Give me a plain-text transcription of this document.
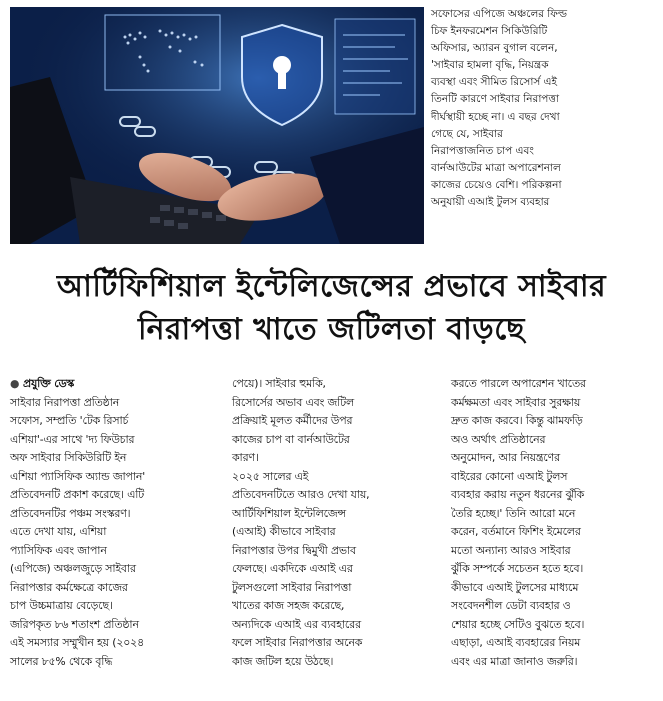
সফোসের এপিজে অঞ্চলের ফিল্ড
চিফ ইনফরমেশন সিকিউরিটি
অফিসার, অ্যারন বুগাল বলেন,
'সাইবার হামলা বৃদ্ধি, নিয়ন্ত্রক
ব্যবস্থা এবং সীমিত রিসোর্স এই
তিনটি কারণে সাইবার নিরাপত্তা
দীর্ঘস্থায়ী হচ্ছে না। এ বছর দেখা
গেছে যে, সাইবার
নিরাপত্তাজনিত চাপ এবং
বার্নআউটের মাত্রা অপারেশনাল
কাজের চেয়েও বেশি। পরিকল্পনা
অনুযায়ী এআই টুলস ব্যবহার
আর্টিফিশিয়াল ইন্টেলিজেন্সের প্রভাবে সাইবার
নিরাপত্তা খাতে জটিলতা বাড়ছে
● প্রযুক্তি ডেস্ক
সাইবার নিরাপত্তা প্রতিষ্ঠান
সফোস, সম্প্রতি 'টেক রিসার্চ
এশিয়া'-এর সাথে 'দ্য ফিউচার
অফ সাইবার সিকিউরিটি ইন
এশিয়া প্যাসিফিক অ্যান্ড জাপান'
প্রতিবেদনটি প্রকাশ করেছে। এটি
প্রতিবেদনটির পঞ্চম সংস্করণ।
এতে দেখা যায়, এশিয়া
প্যাসিফিক এবং জাপান
(এপিজে) অঞ্চলজুড়ে সাইবার
নিরাপত্তার কর্মক্ষেত্রে কাজের
চাপ উচ্চমাত্রায় বেড়েছে।
জরিপকৃত ৮৬ শতাংশ প্রতিষ্ঠান
এই সমস্যার সম্মুখীন হয় (২০২৪
সালের ৮৫% থেকে বৃদ্ধি
পেয়ে)। সাইবার হুমকি,
রিসোর্সের অভাব এবং জটিল
প্রক্রিয়াই মূলত কর্মীদের উপর
কাজের চাপ বা বার্নআউটের
কারণ।
২০২৫ সালের এই
প্রতিবেদনটিতে আরও দেখা যায়,
আর্টিফিশিয়াল ইন্টেলিজেন্স
(এআই) কীভাবে সাইবার
নিরাপত্তার উপর দ্বিমুখী প্রভাব
ফেলছে। একদিকে এআই এর
টুলসগুলো সাইবার নিরাপত্তা
খাতের কাজ সহজ করেছে,
অন্যদিকে এআই এর ব্যবহারের
ফলে সাইবার নিরাপত্তার অনেক
কাজ জটিল হয়ে উঠছে।
করতে পারলে অপারেশন খাতের
কর্মক্ষমতা এবং সাইবার সুরক্ষায়
দ্রুত কাজ করবে। কিন্তু ঝামফড়ি
অও অর্থাৎ প্রতিষ্ঠানের
অনুমোদন, আর নিয়ন্ত্রণের
বাইরের কোনো এআই টুলস
ব্যবহার করায় নতুন ধরনের ঝুঁকি
তৈরি হচ্ছে।' তিনি আরো মনে
করেন, বর্তমানে ফিশিং ইমেলের
মতো অন্যান্য আরও সাইবার
ঝুঁকি সম্পর্কে সচেতন হতে হবে।
কীভাবে এআই টুলসের মাধ্যমে
সংবেদনশীল ডেটা ব্যবহার ও
শেয়ার হচ্ছে সেটিও বুঝতে হবে।
এছাড়া, এআই ব্যবহারের নিয়ম
এবং এর মাত্রা জানাও জরুরি।
